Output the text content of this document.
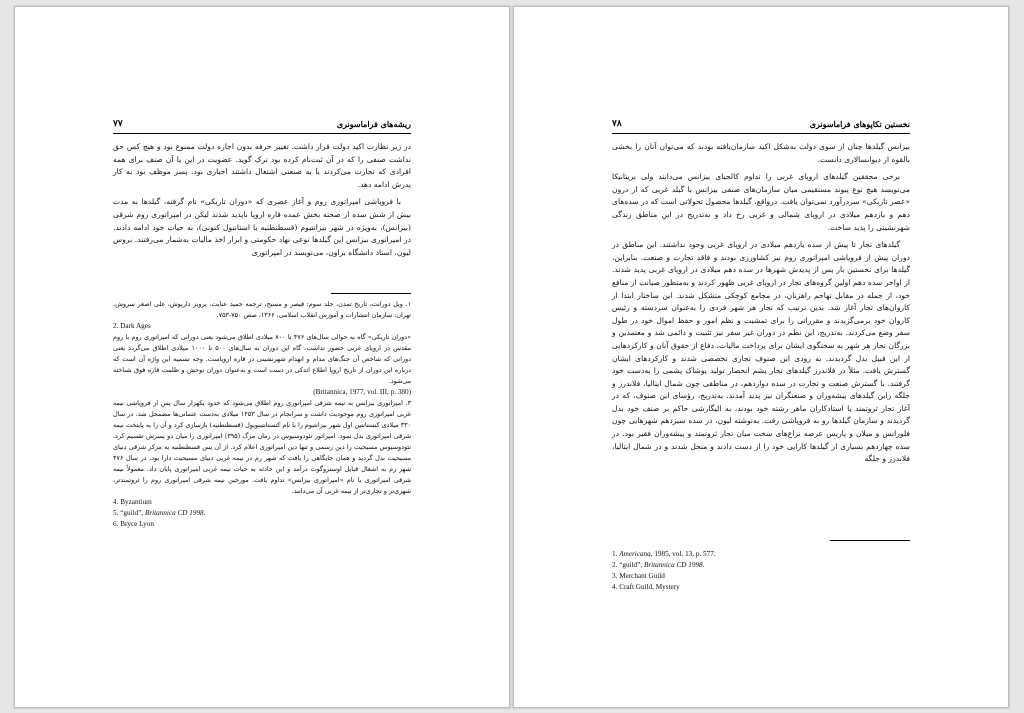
ریشه‌های فراماسونری
۷۷

در زیر نظارت اکید دولت قرار داشت. تغییر حرفه بدون اجازه دولت ممنوع بود و هیچ کس حق نداشت صنفی را که در آن ثبت‌نام کرده بود ترک گوید. عضویت در این یا آن صنف برای همه افرادی که تجارت می‌کردند یا به صنعتی اشتغال داشتند اجباری بود. پسر موظف بود به کار پدرش ادامه دهد.

با فروپاشی امپراتوری روم و آغاز عصری که «دوران تاریکی» نام گرفته، گیلدها به مدت بیش از شش سده از صحنه بخش عمده قاره اروپا ناپدید شدند لیکن در امپراتوری روم شرقی (بیزانس)، به‌ویژه در شهر بیزانتیوم (قسطنطنیه یا استانبول کنونی)، به حیات خود ادامه دادند. در امپراتوری بیزانس این گیلدها نوعی نهاد حکومتی و ابزار اخذ مالیات به‌شمار می‌رفتند. بروس لیون، استاد دانشگاه براون، می‌نویسد در امپراتوری

۱. ویل دورانت، تاریخ تمدن، جلد سوم: قیصر و مسیح، ترجمه حمید عنایت، پرویز داریوش، علی اصغر سروش، تهران: سازمان انتشارات و آموزش انقلاب اسلامی، ۱۳۶۶، صص ۷۵۰-۷۵۳.

2. Dark Ages

«دوران تاریکی» گاه به حوالی سال‌های ۴۷۶ تا ۸۰۰ میلادی اطلاق می‌شود یعنی دورانی که امپراتوری روم با روم مقدس در اروپای غربی حضور نداشت. گاه این دوران به سال‌های ۵۰۰ تا ۱۰۰۰ میلادی اطلاق می‌گردد یعنی دورانی که شاخص آن جنگ‌های مدام و انهدام شهرنشینی در قاره اروپاست. وجه تسمیه این واژه آن است که درباره این دوران از تاریخ اروپا اطلاع اندکی در دست است و به‌عنوان دوران توحش و ظلمت قاره فوق شناخته می‌شود.

(Britannica, 1977, vol. III, p. 380)

۳. امپراتوری بیزانس به نیمه شرقی امپراتوری روم اطلاق می‌شود که حدود یکهزار سال پس از فروپاشی نیمه غربی امپراتوری روم موجودیت داشت و سرانجام در سال ۱۴۵۳ میلادی به‌دست عثمانی‌ها مضمحل شد. در سال ۳۳۰ میلادی کنستانتین اول شهر بیزانتیوم را با نام کنستانتینوپول (قسطنطنیه) بازسازی کرد و آن را به پایتخت نیمه شرقی امپراتوری بدل نمود. امپراتور تئودوسیوس در زمان مرگ (۳۹۵) امپراتوری را میان دو پسرش تقسیم کرد. تئودوسیوس مسیحیت را دین رسمی و تنها دین امپراتوری اعلام کرد. از آن پس قسطنطنیه به مرکز شرقی دنیای مسیحیت بدل گردید و همان جایگاهی را یافت که شهر رم در نیمه غربی دنیای مسیحیت دارا بود. در سال ۴۷۶ شهر رم به اشغال قبایل اوستروگوت درآمد و این حادثه به حیات نیمه غربی امپراتوری پایان داد. معمولاً نیمه شرقی امپراتوری با نام «امپراتوری بیزانس» تداوم یافت. مورخین نیمه شرقی امپراتوری روم را ثروتمندتر، شهری‌تر و تجاری‌تر از نیمه غربی آن می‌دانند.

4. Byzantium

5. “guild”, Britannica CD 1998.

6. Bryce Lyon

نخستین تکاپوهای فراماسونری
۷۸

بیزانس گیلدها چنان از سوی دولت به‌شکل اکید سازمان‌یافته بودند که می‌توان آنان را بخشی بالقوه از دیوانسالاری دانست.

برخی محققین گیلدهای اروپای غربی را تداوم کالجیای بیزانس می‌دانند ولی بریتانیکا می‌نویسد هیچ نوع پیوند مستقیمی میان سازمان‌های صنفی بیزانس با گیلد غربی که از درون «عصر تاریکی» سردرآورد نمی‌توان یافت. درواقع، گیلدها محصول تحولاتی است که در سده‌های دهم و یازدهم میلادی در اروپای شمالی و غربی رخ داد و به‌تدریج در این مناطق زندگی شهرنشینی را پدید ساخت.

گیلدهای تجار تا پیش از سده یازدهم میلادی در اروپای غربی وجود نداشتند. این مناطق در دوران پیش از فروپاشی امپراتوری روم نیز کشاورزی بودند و فاقد تجارت و صنعت. بنابراین، گیلدها برای نخستین بار پس از پدیدش شهرها در سده دهم میلادی در اروپای غربی پدید شدند. از اواخر سده دهم اولین گروه‌های تجار در اروپای غربی ظهور کردند و به‌منظور صیانت از منافع خود، از جمله در مقابل تهاجم راهزنان، در مجامع کوچکی متشکل شدند. این ساختار ابتدا از کاروان‌های تجار آغاز شد. بدین ترتیب که تجار هر شهر فردی را به‌عنوان سردسته و رئیس کاروان خود برمی‌گزیدند و مقرراتی را برای تمشیت و نظم امور و حفظ اموال خود در طول سفر وضع می‌کردند. به‌تدریج، این نظم در دوران غیر سفر نیز تثبیت و دائمی شد و معتمدین و بزرگان تجار هر شهر به سخنگوی ایشان برای پرداخت مالیات، دفاع از حقوق آنان و کارکردهایی از این قبیل بدل گردیدند. به زودی این صنوف تجاری تخصصی شدند و کارکردهای ایشان گسترش یافت. مثلاً در فلاندرز گیلدهای تجار پشم انحصار تولید پوشاک پشمی را به‌دست خود گرفتند. با گسترش صنعت و تجارت در سده دوازدهم، در مناطقی چون شمال ایتالیا، فلاندرز و جلگه راین گیلدهای پیشه‌وران و صنعتگران نیز پدید آمدند. به‌تدریج، رؤسای این صنوف، که در آغاز تجار ثروتمند یا استادکاران ماهر رشته خود بودند، به الیگارشی حاکم بر صنف خود بدل گردیدند و سازمان گیلدها رو به فروپاشی رفت. به‌نوشته لیون، در سده سیزدهم شهرهایی چون فلورانس و میلان و پاریس عرصه نزاع‌های سخت میان تجار ثروتمند و پیشه‌وران فقیر بود. در سده چهاردهم بسیاری از گیلدها کارایی خود را از دست دادند و منحل شدند و در شمال ایتالیا، فلاندرز و جلگه

1. Americana, 1985, vol. 13, p. 577.

2. “guild”, Britannica CD 1998.

3. Merchant Guild

4. Craft Guild, Mystery
